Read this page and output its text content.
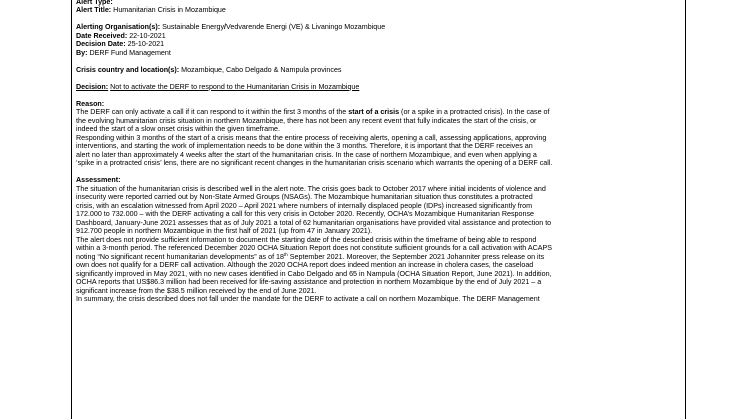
Alert Type:

Alert Title: Humanitarian Crisis in Mozambique

Alerting Organisation(s): Sustainable Energy/Vedvarende Energi (VE) & Livaningo Mozambique

Date Received: 22-10-2021

Decision Date: 25-10-2021

By: DERF Fund Management

Crisis country and location(s): Mozambique, Cabo Delgado & Nampula provinces

Decision: Not to activate the DERF to respond to the Humanitarian Crisis in Mozambique

Reason:

The DERF can only activate a call if it can respond to it within the first 3 months of the start of a crisis (or a spike in a protracted crisis). In the case of

the evolving humanitarian crisis situation in northern Mozambique, there has not been any recent event that fully indicates the start of the crisis, or

indeed the start of a slow onset crisis within the given timeframe.

Responding within 3 months of the start of a crisis means that the entire process of receiving alerts, opening a call, assessing applications, approving

interventions, and starting the work of implementation needs to be done within the 3 months. Therefore, it is important that the DERF receives an

alert no later than approximately 4 weeks after the start of the humanitarian crisis. In the case of northern Mozambique, and even when applying a

‘spike in a protracted crisis’ lens, there are no significant recent changes in the humanitarian crisis scenario which warrants the opening of a DERF call.

Assessment:

The situation of the humanitarian crisis is described well in the alert note. The crisis goes back to October 2017 where initial incidents of violence and

insecurity were reported carried out by Non-State Armed Groups (NSAGs). The Mozambique humanitarian situation thus constitutes a protracted

crisis, with an escalation witnessed from April 2020 – April 2021 where numbers of internally displaced people (IDPs) increased significantly from

172.000 to 732.000 – with the DERF activating a call for this very crisis in October 2020. Recently, OCHA’s Mozambique Humanitarian Response

Dashboard, January-June 2021 assesses that as of July 2021 a total of 62 humanitarian organisations have provided vital assistance and protection to

912.700 people in northern Mozambique in the first half of 2021 (up from 47 in January 2021).

The alert does not provide sufficient information to document the starting date of the described crisis within the timeframe of being able to respond

within a 3-month period. The referenced December 2020 OCHA Situation Report does not constitute sufficient grounds for a call activation with ACAPS

noting “No significant recent humanitarian developments” as of 18th September 2021. Moreover, the September 2021 Johanniter press release on its

own does not qualify for a DERF call activation. Although the 2020 OCHA report does indeed mention an increase in cholera cases, the caseload

significantly improved in May 2021, with no new cases identified in Cabo Delgado and 65 in Nampula (OCHA Situation Report, June 2021). In addition,

OCHA reports that US$86.3 million had been received for life-saving assistance and protection in northern Mozambique by the end of July 2021 – a

significant increase from the $38.5 million received by the end of June 2021.

In summary, the crisis described does not fall under the mandate for the DERF to activate a call on northern Mozambique. The DERF Management
